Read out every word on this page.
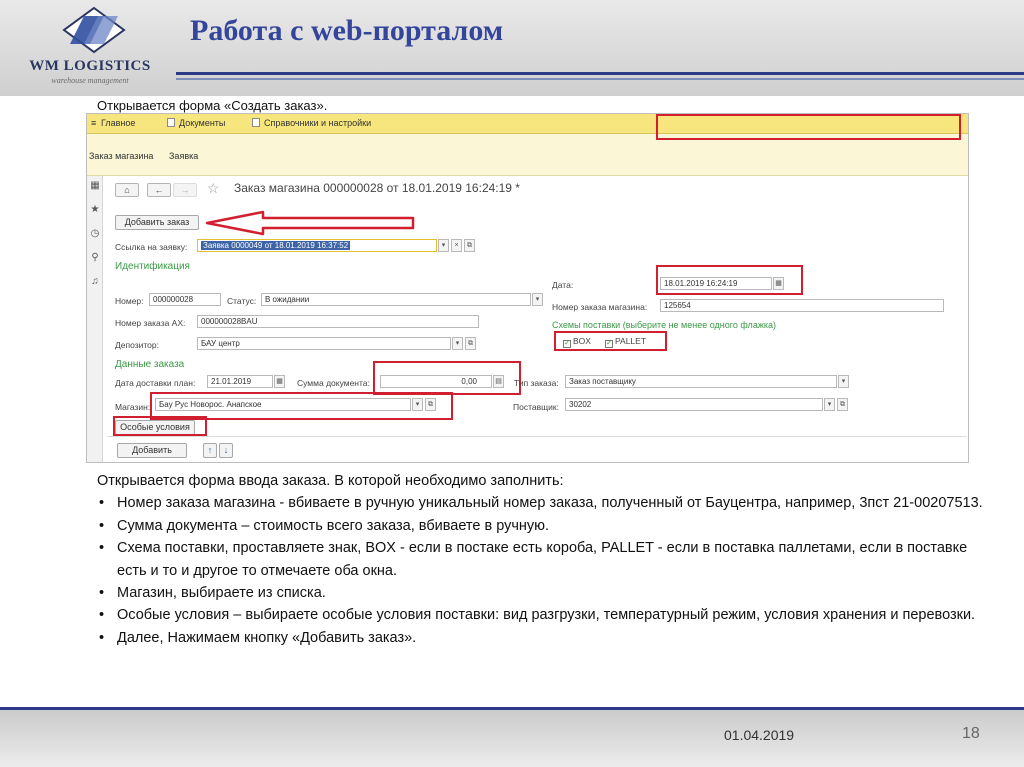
WM LOGISTICS
warehouse management
Работа с web-порталом
Открывается форма «Создать заказ».
≡ Главное	Документы	Справочники и настройки
Заказ магазина Заявка
▦
★
◷
⚲
♫
⌂	←	→	☆ Заказ магазина 000000028 от 18.01.2019 16:24:19 *
Добавить заказ
Ссылка на заявку:	Заявка 0000049 от 18.01.2019 16:37:52	▾	×	⧉
Идентификация
Дата:	18.01.2019 16:24:19	▦
Номер:	000000028	Статус:	В ожидании	▾
Номер заказа магазина:	125654
Номер заказа AX:	000000028BAU	Схемы поставки (выберите не менее одного флажка)
✓ BOX ✓ PALLET
Депозитор:	БАУ центр	▾	⧉
Данные заказа
Дата доставки план:	21.01.2019	▦ Сумма документа:	0,00	▤ Тип заказа:	Заказ поставщику	▾
Магазин:	Бау Рус Новорос. Анапское	▾	⧉	Поставщик:	30202	▾	⧉
Особые условия
Добавить	↑	↓
Открывается форма ввода заказа. В которой необходимо заполнить:
• Номер заказа магазина - вбиваете в ручную уникальный номер заказа, полученный от Бауцентра, например, 3пст 21-00207513.
• Сумма документа – стоимость всего заказа, вбиваете в ручную.
• Схема поставки, проставляете знак, BOX - если в постаке есть короба, PALLET - если в поставка паллетами, если в поставке есть и то и другое то отмечаете оба окна.
• Магазин, выбираете из списка.
• Особые условия – выбираете особые условия поставки: вид разгрузки, температурный режим, условия хранения и перевозки.
• Далее, Нажимаем кнопку «Добавить заказ».
01.04.2019	18
